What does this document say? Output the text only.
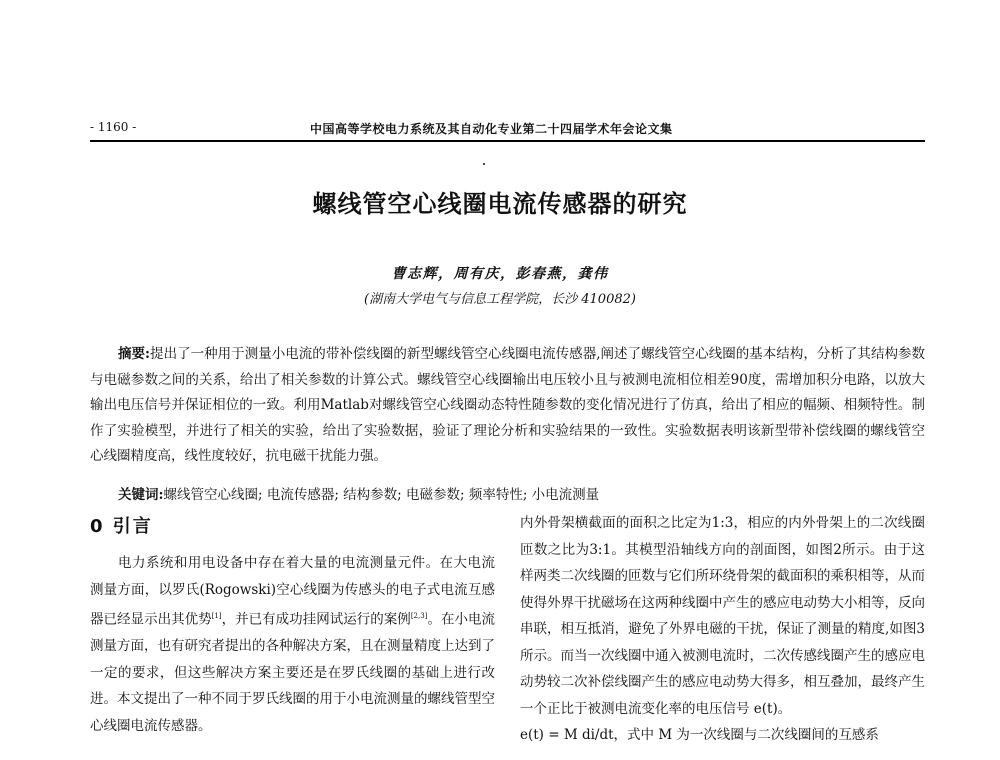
- 1160 -	中国高等学校电力系统及其自动化专业第二十四届学术年会论文集
螺线管空心线圈电流传感器的研究
曹志辉，周有庆，彭春燕，龚伟
(湖南大学电气与信息工程学院，长沙 410082)
摘要:提出了一种用于测量小电流的带补偿线圈的新型螺线管空心线圈电流传感器,阐述了螺线管空心线圈的基本结构，分析了其结构参数与电磁参数之间的关系，给出了相关参数的计算公式。螺线管空心线圈输出电压较小且与被测电流相位相差90度，需增加积分电路，以放大输出电压信号并保证相位的一致。利用Matlab对螺线管空心线圈动态特性随参数的变化情况进行了仿真，给出了相应的幅频、相频特性。制作了实验模型，并进行了相关的实验，给出了实验数据，验证了理论分析和实验结果的一致性。实验数据表明该新型带补偿线圈的螺线管空心线圈精度高，线性度较好，抗电磁干扰能力强。
关键词:螺线管空心线圈; 电流传感器; 结构参数; 电磁参数; 频率特性; 小电流测量
0 引言

电力系统和用电设备中存在着大量的电流测量元件。在大电流测量方面，以罗氏(Rogowski)空心线圈为传感头的电子式电流互感器已经显示出其优势[1]，并已有成功挂网试运行的案例[2,3]。在小电流测量方面，也有研究者提出的各种解决方案，且在测量精度上达到了一定的要求，但这些解决方案主要还是在罗氏线圈的基础上进行改进。本文提出了一种不同于罗氏线圈的用于小电流测量的螺线管型空心线圈电流传感器。

内外骨架横截面的面积之比定为1:3，相应的内外骨架上的二次线圈匝数之比为3:1。其模型沿轴线方向的剖面图，如图2所示。由于这样两类二次线圈的匝数与它们所环绕骨架的截面积的乘积相等，从而使得外界干扰磁场在这两种线圈中产生的感应电动势大小相等，反向串联，相互抵消，避免了外界电磁的干扰，保证了测量的精度,如图3所示。而当一次线圈中通入被测电流时，二次传感线圈产生的感应电动势较二次补偿线圈产生的感应电动势大得多，相互叠加，最终产生一个正比于被测电流变化率的电压信号 e(t)。

e(t) = M di/dt，式中 M 为一次线圈与二次线圈间的互感系
